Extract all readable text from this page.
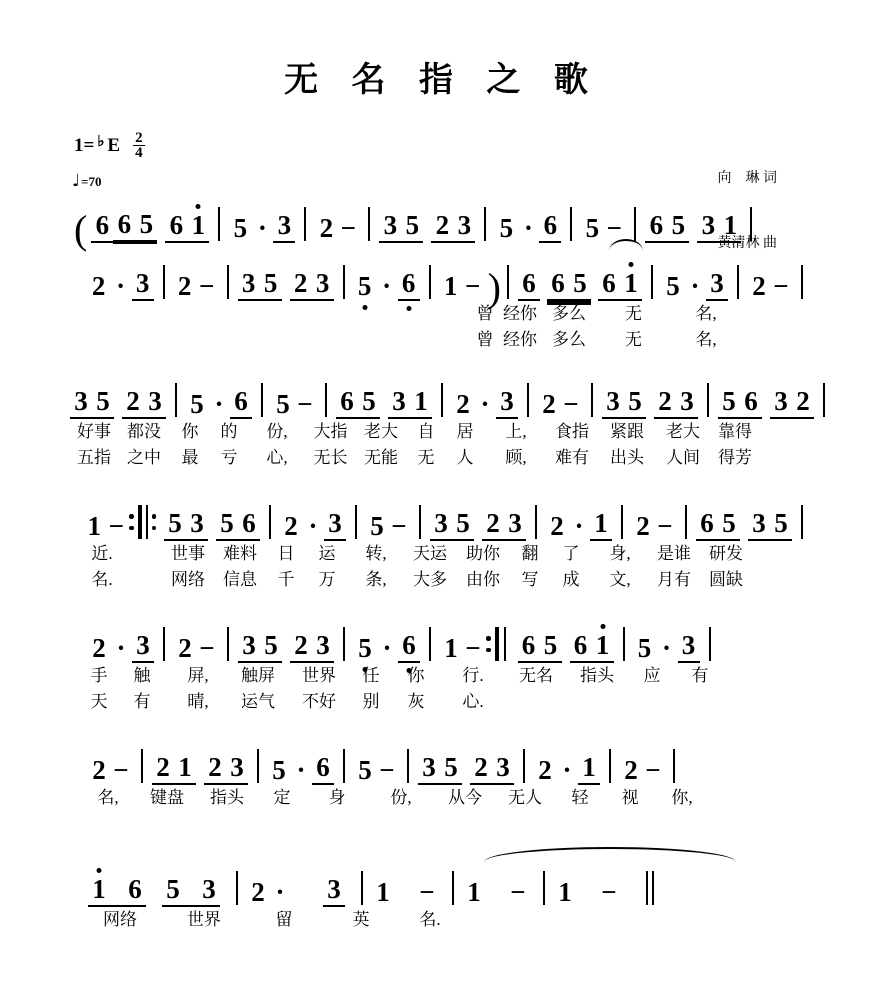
无 名 指 之 歌
1= ♭ E $\frac{2}{4}$

向　琳 词

黄清林 曲

♩ =70
( 6 6 5 6 1 5 · 3 2 − 3 5 2 3 5 · 6 5 − 6 5 3 1
2 · 3 2 − 3 5 2 3 5 · 6 1 − ) 6 6 5 6 1 5 · 3 2 −
曾 经你 多么	无	名,
曾 经你 多么	无	名,
3 5 2 3 5 · 6 5 − 6 5 3 1 2 · 3 2 − 3 5 2 3 5 6 3 2
好事 都没	你	的	份,	大指 老大	自	居	上,	食指	紧跟	老大	靠得
五指 之中	最	亏	心,	无长 无能	无	人	顾,	难有	出头	人间	得芳
1 − 5 3 5 6 2 · 3 5 − 3 5 2 3 2 · 1 2 − 6 5 3 5
近.	世事	难料	日	运	转,	天运	助你	翻	了	身,	是谁	研发
名.	网络	信息	千	万	条,	大多	由你	写	成	文,	月有	圆缺
2 · 3 2 − 3 5 2 3 5 · 6 1 − 6 5 6 1 5 · 3
手	触	屏,	触屏	世界	任	你	行.	无名	指头	应	有
天	有	晴,	运气	不好	别	灰	心.
2 − 2 1 2 3 5 · 6 5 − 3 5 2 3 2 · 1 2 −
名,	键盘	指头	定	身	份,	从今	无人	轻	视	你,
1 6 5 3 2 · 3 1 − 1 − 1 −
网络	世界	留	英	名.
